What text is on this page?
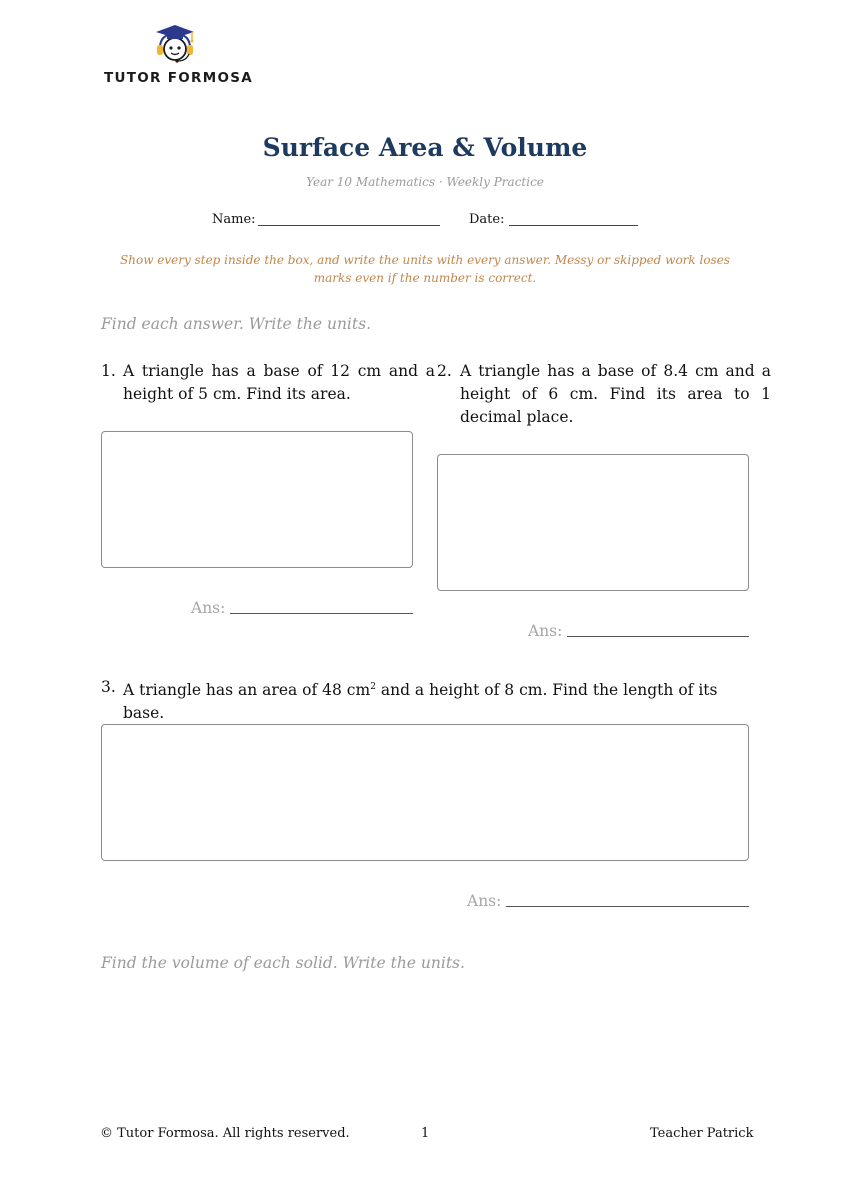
TUTOR FORMOSA
Surface Area & Volume
Year 10 Mathematics · Weekly Practice
Name:	Date:
Show every step inside the box, and write the units with every answer. Messy or skipped work loses marks even if the number is correct.
Find each answer. Write the units.
1. A triangle has a base of 12 cm and a height of 5 cm. Find its area.
Ans:
2. A triangle has a base of 8.4 cm and a height of 6 cm. Find its area to 1 decimal place.
Ans:
3. A triangle has an area of 48 $cm^2$ and a height of 8 cm. Find the length of its base.
Ans:
Find the volume of each solid. Write the units.
© Tutor Formosa. All rights reserved.	1	Teacher Patrick
